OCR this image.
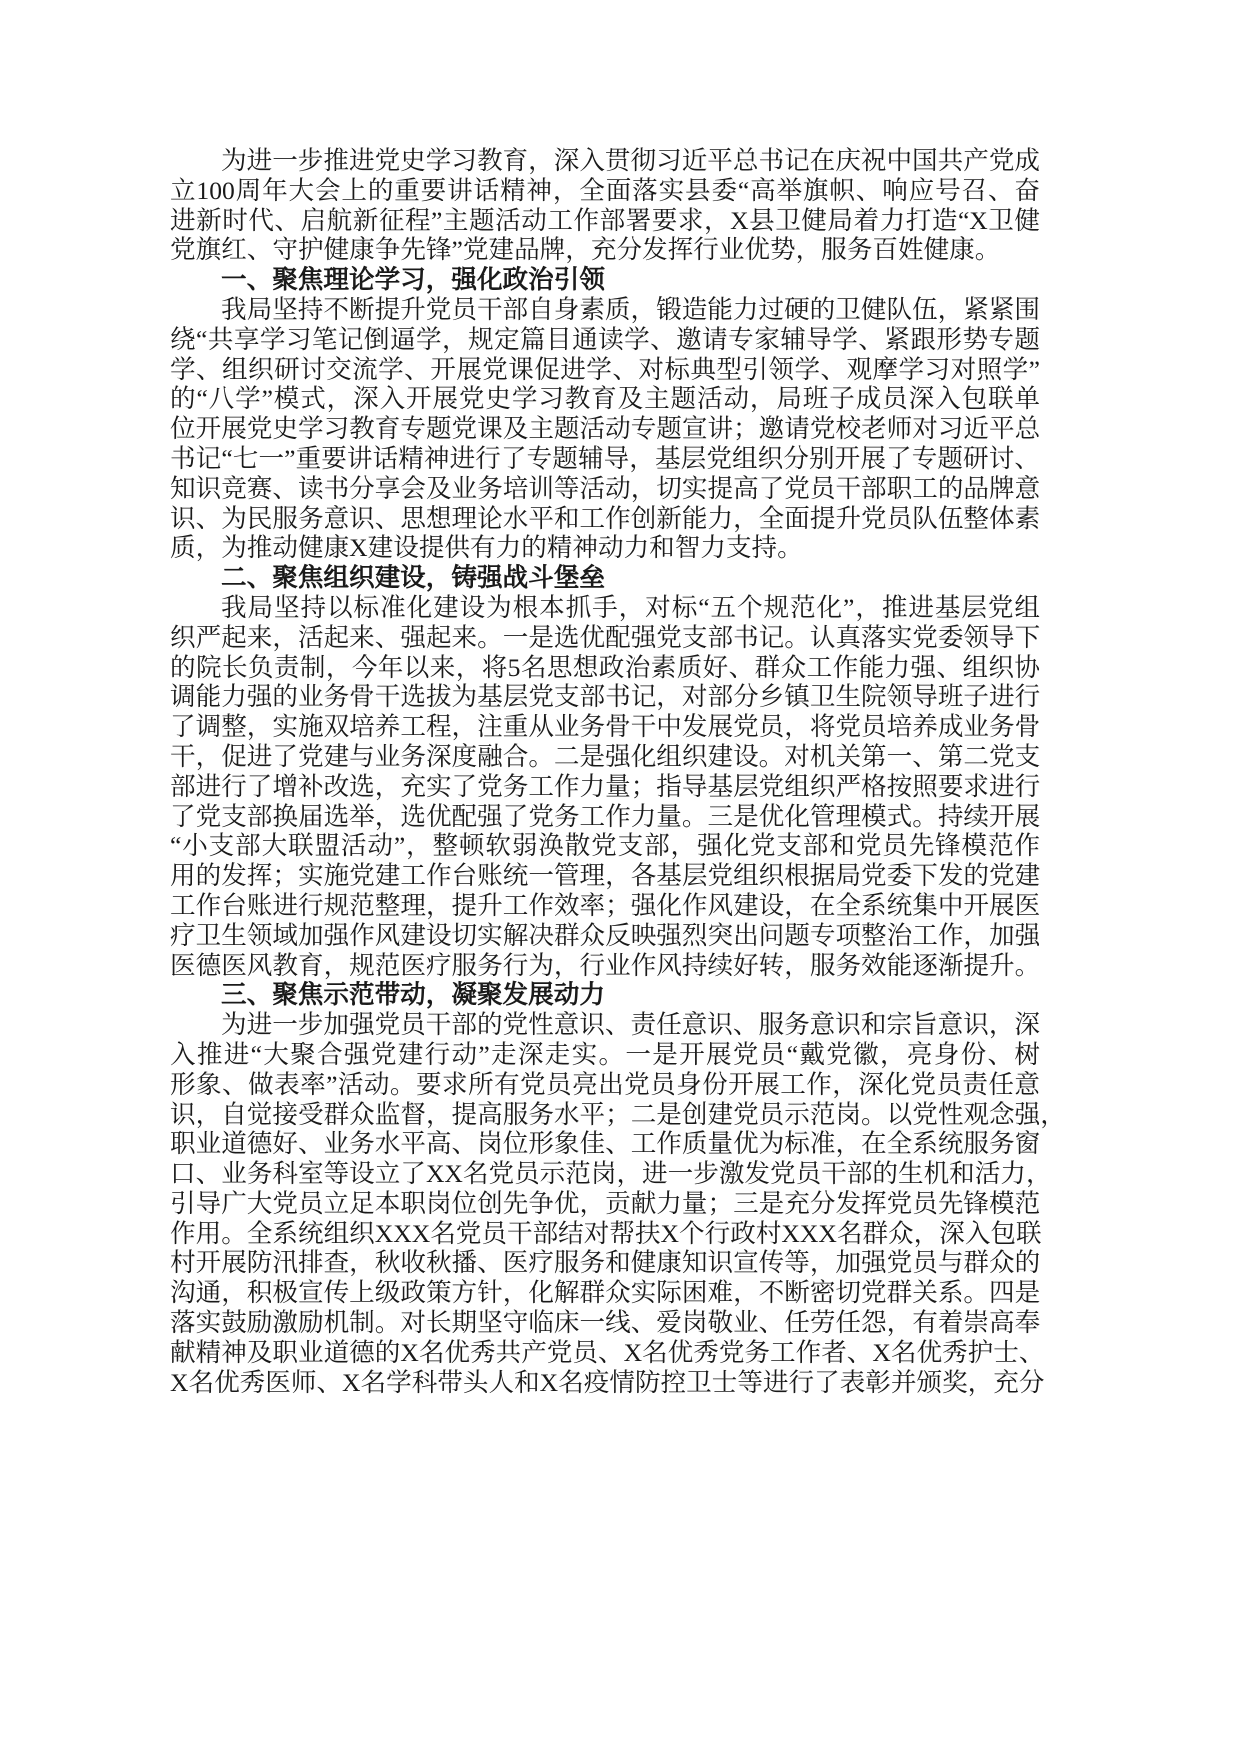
为进一步推进党史学习教育，深入贯彻习近平总书记在庆祝中国共产党成
立100周年大会上的重要讲话精神，全面落实县委“高举旗帜、响应号召、奋
进新时代、启航新征程”主题活动工作部署要求，X县卫健局着力打造“X卫健
党旗红、守护健康争先锋”党建品牌，充分发挥行业优势，服务百姓健康。
一、聚焦理论学习，强化政治引领
我局坚持不断提升党员干部自身素质，锻造能力过硬的卫健队伍，紧紧围
绕“共享学习笔记倒逼学，规定篇目通读学、邀请专家辅导学、紧跟形势专题
学、组织研讨交流学、开展党课促进学、对标典型引领学、观摩学习对照学”
的“八学”模式，深入开展党史学习教育及主题活动，局班子成员深入包联单
位开展党史学习教育专题党课及主题活动专题宣讲；邀请党校老师对习近平总
书记“七一”重要讲话精神进行了专题辅导，基层党组织分别开展了专题研讨、
知识竞赛、读书分享会及业务培训等活动，切实提高了党员干部职工的品牌意
识、为民服务意识、思想理论水平和工作创新能力，全面提升党员队伍整体素
质，为推动健康X建设提供有力的精神动力和智力支持。
二、聚焦组织建设，铸强战斗堡垒
我局坚持以标准化建设为根本抓手，对标“五个规范化”，推进基层党组
织严起来，活起来、强起来。一是选优配强党支部书记。认真落实党委领导下
的院长负责制，今年以来，将5名思想政治素质好、群众工作能力强、组织协
调能力强的业务骨干选拔为基层党支部书记，对部分乡镇卫生院领导班子进行
了调整，实施双培养工程，注重从业务骨干中发展党员，将党员培养成业务骨
干，促进了党建与业务深度融合。二是强化组织建设。对机关第一、第二党支
部进行了增补改选，充实了党务工作力量；指导基层党组织严格按照要求进行
了党支部换届选举，选优配强了党务工作力量。三是优化管理模式。持续开展
“小支部大联盟活动”，整顿软弱涣散党支部，强化党支部和党员先锋模范作
用的发挥；实施党建工作台账统一管理，各基层党组织根据局党委下发的党建
工作台账进行规范整理，提升工作效率；强化作风建设，在全系统集中开展医
疗卫生领域加强作风建设切实解决群众反映强烈突出问题专项整治工作，加强
医德医风教育，规范医疗服务行为，行业作风持续好转，服务效能逐渐提升。
三、聚焦示范带动，凝聚发展动力
为进一步加强党员干部的党性意识、责任意识、服务意识和宗旨意识，深
入推进“大聚合强党建行动”走深走实。一是开展党员“戴党徽，亮身份、树
形象、做表率”活动。要求所有党员亮出党员身份开展工作，深化党员责任意
识，自觉接受群众监督，提高服务水平；二是创建党员示范岗。以党性观念强，
职业道德好、业务水平高、岗位形象佳、工作质量优为标准，在全系统服务窗
口、业务科室等设立了XX名党员示范岗，进一步激发党员干部的生机和活力，
引导广大党员立足本职岗位创先争优，贡献力量；三是充分发挥党员先锋模范
作用。全系统组织XXX名党员干部结对帮扶X个行政村XXX名群众，深入包联
村开展防汛排查，秋收秋播、医疗服务和健康知识宣传等，加强党员与群众的
沟通，积极宣传上级政策方针，化解群众实际困难，不断密切党群关系。四是
落实鼓励激励机制。对长期坚守临床一线、爱岗敬业、任劳任怨，有着崇高奉
献精神及职业道德的X名优秀共产党员、X名优秀党务工作者、X名优秀护士、
X名优秀医师、X名学科带头人和X名疫情防控卫士等进行了表彰并颁奖，充分
